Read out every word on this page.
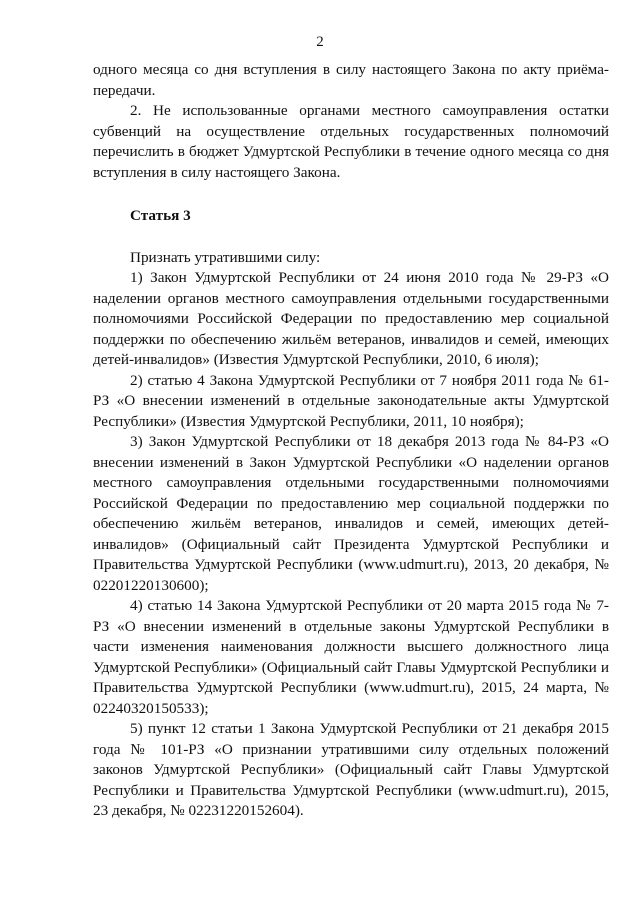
2

одного месяца со дня вступления в силу настоящего Закона по акту приёма-передачи.

2. Не использованные органами местного самоуправления остатки субвенций на осуществление отдельных государственных полномочий перечислить в бюджет Удмуртской Республики в течение одного месяца со дня вступления в силу настоящего Закона.

Статья 3

Признать утратившими силу:

1) Закон Удмуртской Республики от 24 июня 2010 года № 29-РЗ «О наделении органов местного самоуправления отдельными государственными полномочиями Российской Федерации по предоставлению мер социальной поддержки по обеспечению жильём ветеранов, инвалидов и семей, имеющих детей-инвалидов» (Известия Удмуртской Республики, 2010, 6 июля);

2) статью 4 Закона Удмуртской Республики от 7 ноября 2011 года № 61-РЗ «О внесении изменений в отдельные законодательные акты Удмуртской Республики» (Известия Удмуртской Республики, 2011, 10 ноября);

3) Закон Удмуртской Республики от 18 декабря 2013 года № 84-РЗ «О внесении изменений в Закон Удмуртской Республики «О наделении органов местного самоуправления отдельными государственными полномочиями Российской Федерации по предоставлению мер социальной поддержки по обеспечению жильём ветеранов, инвалидов и семей, имеющих детей-инвалидов» (Официальный сайт Президента Удмуртской Республики и Правительства Удмуртской Республики (www.udmurt.ru), 2013, 20 декабря, № 02201220130600);

4) статью 14 Закона Удмуртской Республики от 20 марта 2015 года № 7-РЗ «О внесении изменений в отдельные законы Удмуртской Республики в части изменения наименования должности высшего должностного лица Удмуртской Республики» (Официальный сайт Главы Удмуртской Республики и Правительства Удмуртской Республики (www.udmurt.ru), 2015, 24 марта, № 02240320150533);

5) пункт 12 статьи 1 Закона Удмуртской Республики от 21 декабря 2015 года № 101-РЗ «О признании утратившими силу отдельных положений законов Удмуртской Республики» (Официальный сайт Главы Удмуртской Республики и Правительства Удмуртской Республики (www.udmurt.ru), 2015, 23 декабря, № 02231220152604).
